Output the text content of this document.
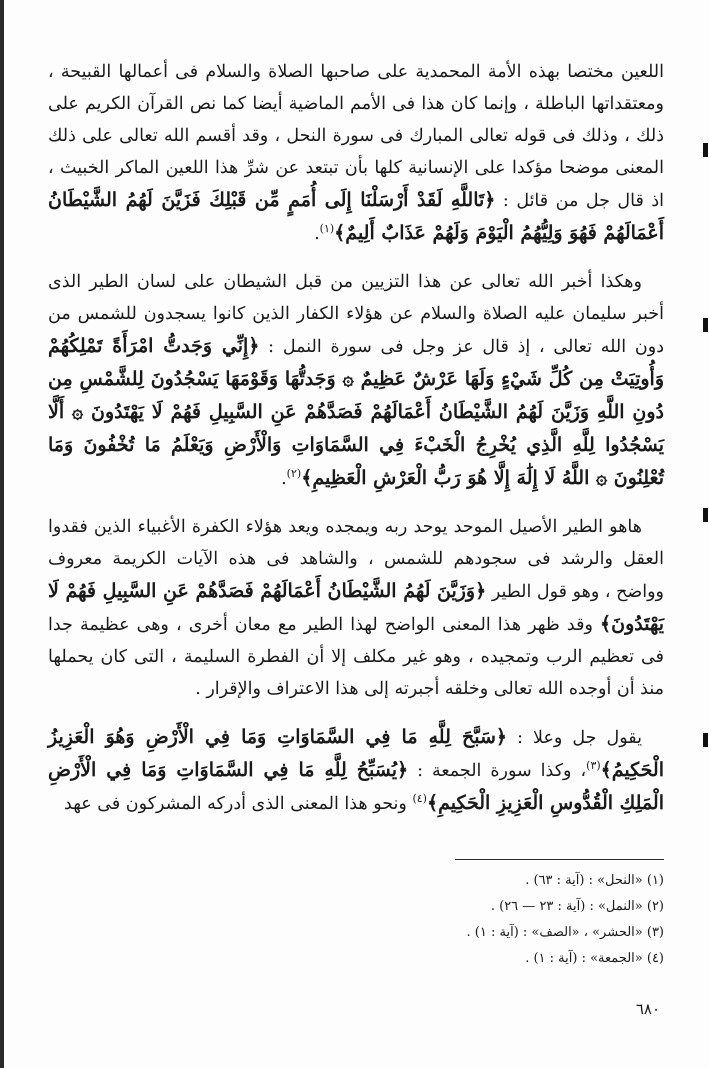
اللعين مختصا بهذه الأمة المحمدية على صاحبها الصلاة والسلام فى أعمالها القبيحة ، ومعتقداتها الباطلة ، وإنما كان هذا فى الأمم الماضية أيضا كما نص القرآن الكريم على ذلك ، وذلك فى قوله تعالى المبارك فى سورة النحل ، وقد أقسم الله تعالى على ذلك المعنى موضحا مؤكدا على الإنسانية كلها بأن تبتعد عن شرِّ هذا اللعين الماكر الخبيث ، اذ قال جل من قائل : ﴿تَاللَّهِ لَقَدْ أَرْسَلْنَا إِلَى أُمَمٍ مِّن قَبْلِكَ فَزَيَّنَ لَهُمُ الشَّيْطَانُ أَعْمَالَهُمْ فَهُوَ وَلِيُّهُمُ الْيَوْمَ وَلَهُمْ عَذَابٌ أَلِيمٌ﴾$^{(١)}$.

وهكذا أخبر الله تعالى عن هذا التزيين من قبل الشيطان على لسان الطير الذى أخبر سليمان عليه الصلاة والسلام عن هؤلاء الكفار الذين كانوا يسجدون للشمس من دون الله تعالى ، إذ قال عز وجل فى سورة النمل : ﴿إِنِّي وَجَدتُّ امْرَأَةً تَمْلِكُهُمْ وَأُوتِيَتْ مِن كُلِّ شَيْءٍ وَلَهَا عَرْشٌ عَظِيمٌ ۞ وَجَدتُّهَا وَقَوْمَهَا يَسْجُدُونَ لِلشَّمْسِ مِن دُونِ اللَّهِ وَزَيَّنَ لَهُمُ الشَّيْطَانُ أَعْمَالَهُمْ فَصَدَّهُمْ عَنِ السَّبِيلِ فَهُمْ لَا يَهْتَدُونَ ۞ أَلَّا يَسْجُدُوا لِلَّهِ الَّذِي يُخْرِجُ الْخَبْءَ فِي السَّمَاوَاتِ وَالْأَرْضِ وَيَعْلَمُ مَا تُخْفُونَ وَمَا تُعْلِنُونَ ۞ اللَّهُ لَا إِلَٰهَ إِلَّا هُوَ رَبُّ الْعَرْشِ الْعَظِيمِ﴾$^{(٢)}$.

هاهو الطير الأصيل الموحد يوحد ربه ويمجده ويعد هؤلاء الكفرة الأغبياء الذين فقدوا العقل والرشد فى سجودهم للشمس ، والشاهد فى هذه الآيات الكريمة معروف وواضح ، وهو قول الطير ﴿وَزَيَّنَ لَهُمُ الشَّيْطَانُ أَعْمَالَهُمْ فَصَدَّهُمْ عَنِ السَّبِيلِ فَهُمْ لَا يَهْتَدُونَ﴾ وقد ظهر هذا المعنى الواضح لهذا الطير مع معان أخرى ، وهى عظيمة جدا فى تعظيم الرب وتمجيده ، وهو غير مكلف إلا أن الفطرة السليمة ، التى كان يحملها منذ أن أوجده الله تعالى وخلقه أجبرته إلى هذا الاعتراف والإقرار .

يقول جل وعلا : ﴿سَبَّحَ لِلَّهِ مَا فِي السَّمَاوَاتِ وَمَا فِي الْأَرْضِ وَهُوَ الْعَزِيزُ الْحَكِيمُ﴾$^{(٣)}$، وكذا سورة الجمعة : ﴿يُسَبِّحُ لِلَّهِ مَا فِي السَّمَاوَاتِ وَمَا فِي الْأَرْضِ الْمَلِكِ الْقُدُّوسِ الْعَزِيزِ الْحَكِيمِ﴾$^{(٤)}$ ونحو هذا المعنى الذى أدركه المشركون فى عهد

(١) «النحل» : (آية : ٦٣) .
(٢) «النمل» : (آية : ٢٣ — ٢٦) .
(٣) «الحشر» ، «الصف» : (آية : ١) .
(٤) «الجمعة» : (آية : ١) .
٦٨٠
